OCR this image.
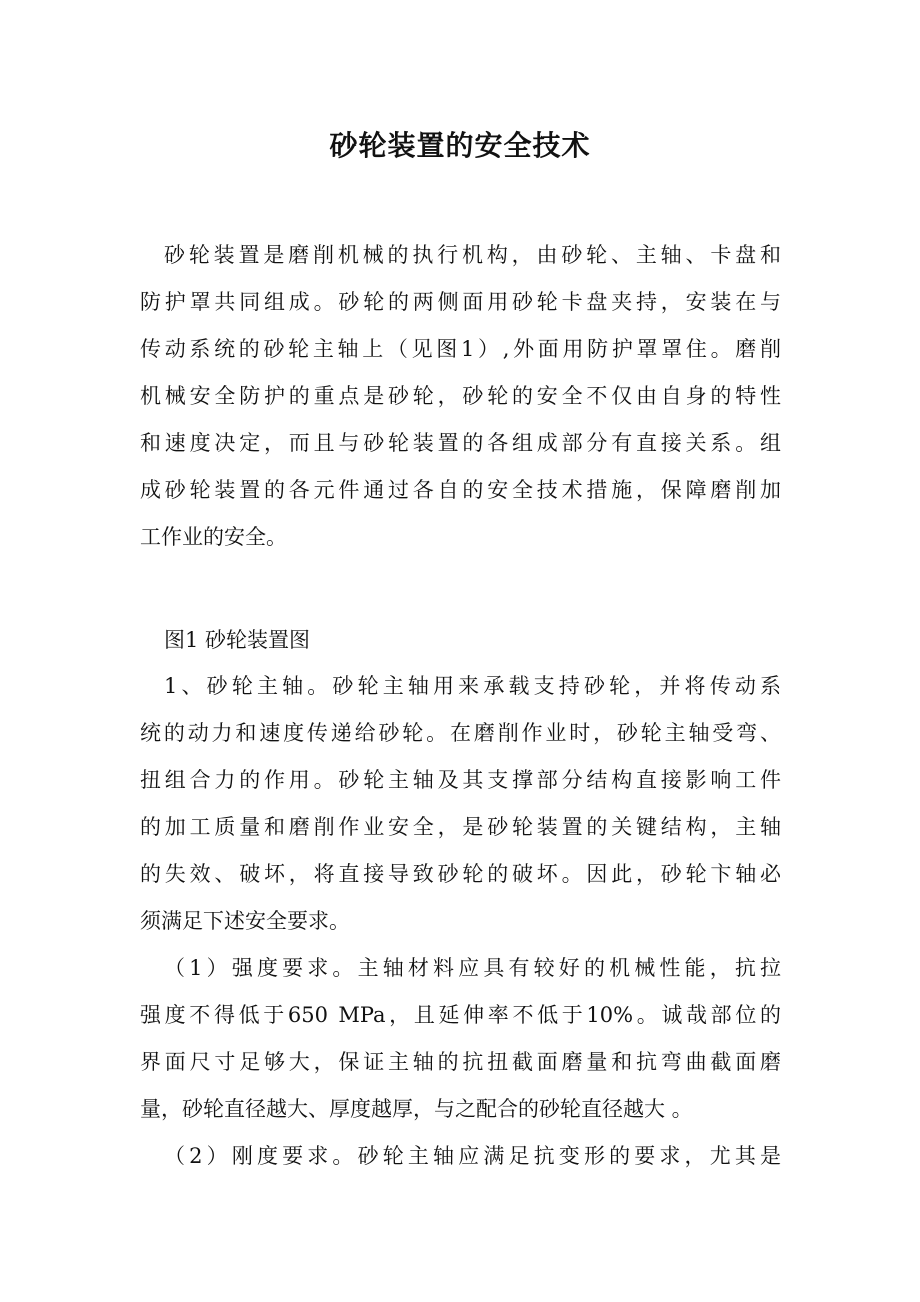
砂轮装置的安全技术
砂轮装置是磨削机械的执行机构，由砂轮、主轴、卡盘和
防护罩共同组成。砂轮的两侧面用砂轮卡盘夹持，安装在与
传动系统的砂轮主轴上（见图1）,外面用防护罩罩住。磨削
机械安全防护的重点是砂轮，砂轮的安全不仅由自身的特性
和速度决定，而且与砂轮装置的各组成部分有直接关系。组
成砂轮装置的各元件通过各自的安全技术措施，保障磨削加
工作业的安全。
1、砂轮主轴。砂轮主轴用来承载支持砂轮，并将传动系
统的动力和速度传递给砂轮。在磨削作业时，砂轮主轴受弯、
扭组合力的作用。砂轮主轴及其支撑部分结构直接影响工件
的加工质量和磨削作业安全，是砂轮装置的关键结构，主轴
的失效、破坏，将直接导致砂轮的破坏。因此，砂轮卞轴必
须满足下述安全要求。
（1）强度要求。主轴材料应具有较好的机械性能，抗拉
强度不得低于650 MPa，且延伸率不低于10%。诚哉部位的
界面尺寸足够大，保证主轴的抗扭截面磨量和抗弯曲截面磨
量，砂轮直径越大、厚度越厚，与之配合的砂轮直径越大 。
（2）刚度要求。砂轮主轴应满足抗变形的要求，尤其是
图1 砂轮装置图
